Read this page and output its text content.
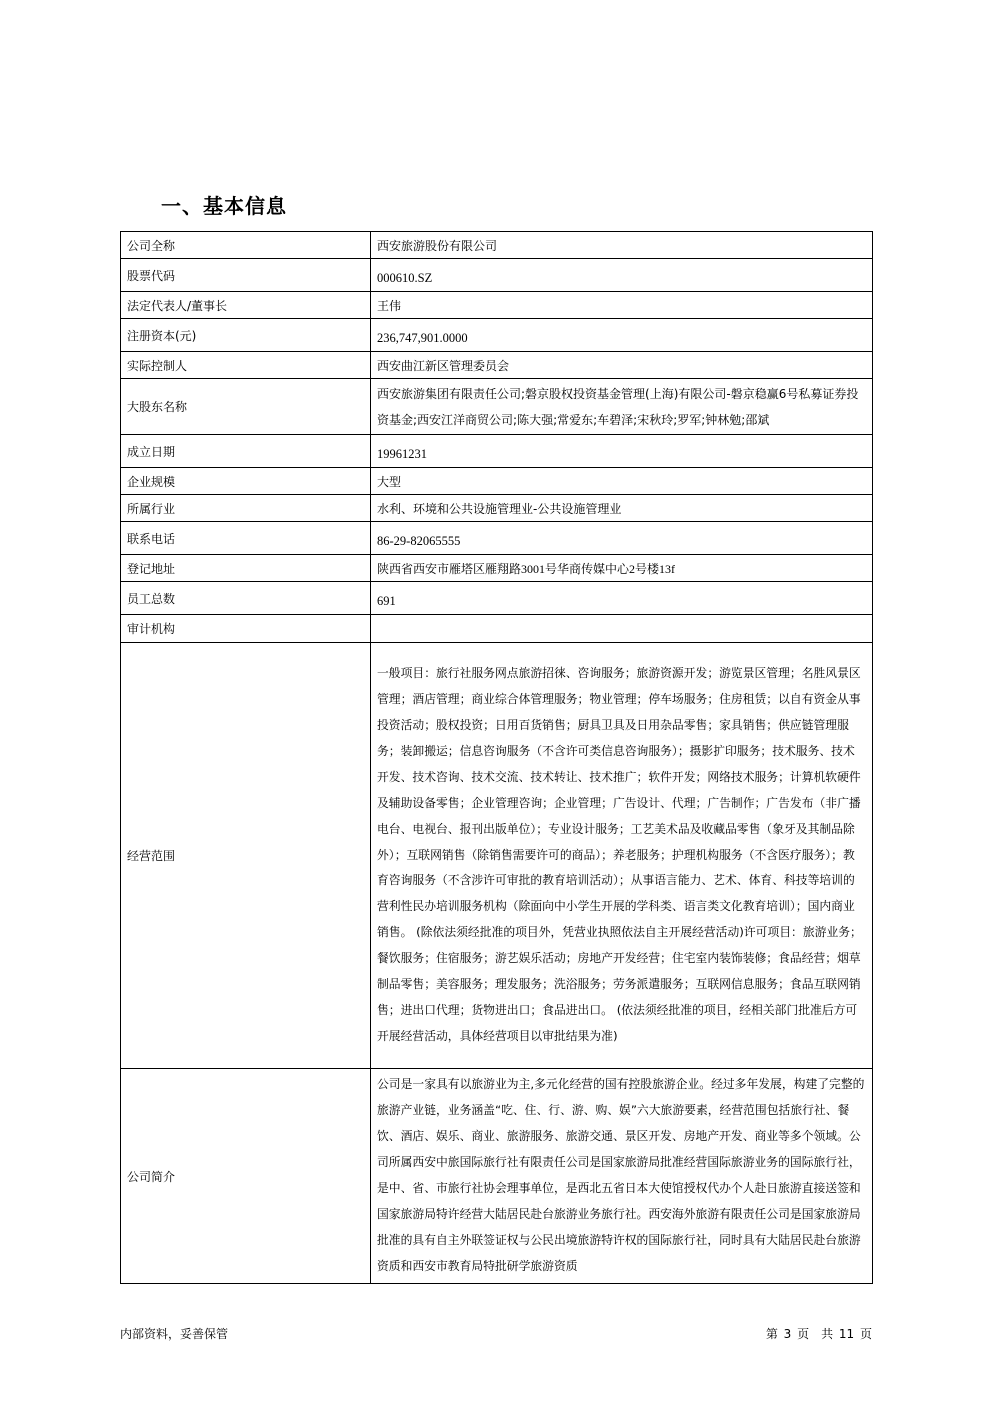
一、基本信息
公司全称	西安旅游股份有限公司
股票代码	000610.SZ
法定代表人/董事长	王伟
注册资本(元)	236,747,901.0000
实际控制人	西安曲江新区管理委员会
大股东名称	西安旅游集团有限责任公司;磐京股权投资基金管理(上海)有限公司-磐京稳赢6号私募证券投资基金;西安江洋商贸公司;陈大强;常爱东;车碧泽;宋秋玲;罗军;钟林勉;邵斌
成立日期	19961231
企业规模	大型
所属行业	水利、环境和公共设施管理业-公共设施管理业
联系电话	86-29-82065555
登记地址	陕西省西安市雁塔区雁翔路3001号华商传媒中心2号楼13f
员工总数	691
审计机构	
经营范围	一般项目：旅行社服务网点旅游招徕、咨询服务；旅游资源开发；游览景区管理；名胜风景区管理；酒店管理；商业综合体管理服务；物业管理；停车场服务；住房租赁；以自有资金从事投资活动；股权投资；日用百货销售；厨具卫具及日用杂品零售；家具销售；供应链管理服务；装卸搬运；信息咨询服务（不含许可类信息咨询服务）；摄影扩印服务；技术服务、技术开发、技术咨询、技术交流、技术转让、技术推广；软件开发；网络技术服务；计算机软硬件及辅助设备零售；企业管理咨询；企业管理；广告设计、代理；广告制作；广告发布（非广播电台、电视台、报刊出版单位）；专业设计服务；工艺美术品及收藏品零售（象牙及其制品除外）；互联网销售（除销售需要许可的商品）；养老服务；护理机构服务（不含医疗服务）；教育咨询服务（不含涉许可审批的教育培训活动）；从事语言能力、艺术、体育、科技等培训的营利性民办培训服务机构（除面向中小学生开展的学科类、语言类文化教育培训）；国内商业销售。 (除依法须经批准的项目外，凭营业执照依法自主开展经营活动)许可项目：旅游业务；餐饮服务；住宿服务；游艺娱乐活动；房地产开发经营；住宅室内装饰装修；食品经营；烟草制品零售；美容服务；理发服务；洗浴服务；劳务派遣服务；互联网信息服务；食品互联网销售；进出口代理；货物进出口；食品进出口。 (依法须经批准的项目，经相关部门批准后方可开展经营活动，具体经营项目以审批结果为准)
公司简介	公司是一家具有以旅游业为主,多元化经营的国有控股旅游企业。经过多年发展，构建了完整的旅游产业链，业务涵盖“吃、住、行、游、购、娱”六大旅游要素，经营范围包括旅行社、餐饮、酒店、娱乐、商业、旅游服务、旅游交通、景区开发、房地产开发、商业等多个领域。公司所属西安中旅国际旅行社有限责任公司是国家旅游局批准经营国际旅游业务的国际旅行社，是中、省、市旅行社协会理事单位，是西北五省日本大使馆授权代办个人赴日旅游直接送签和国家旅游局特许经营大陆居民赴台旅游业务旅行社。西安海外旅游有限责任公司是国家旅游局批准的具有自主外联签证权与公民出境旅游特许权的国际旅行社，同时具有大陆居民赴台旅游资质和西安市教育局特批研学旅游资质
内部资料，妥善保管	第 3 页　共 11 页
